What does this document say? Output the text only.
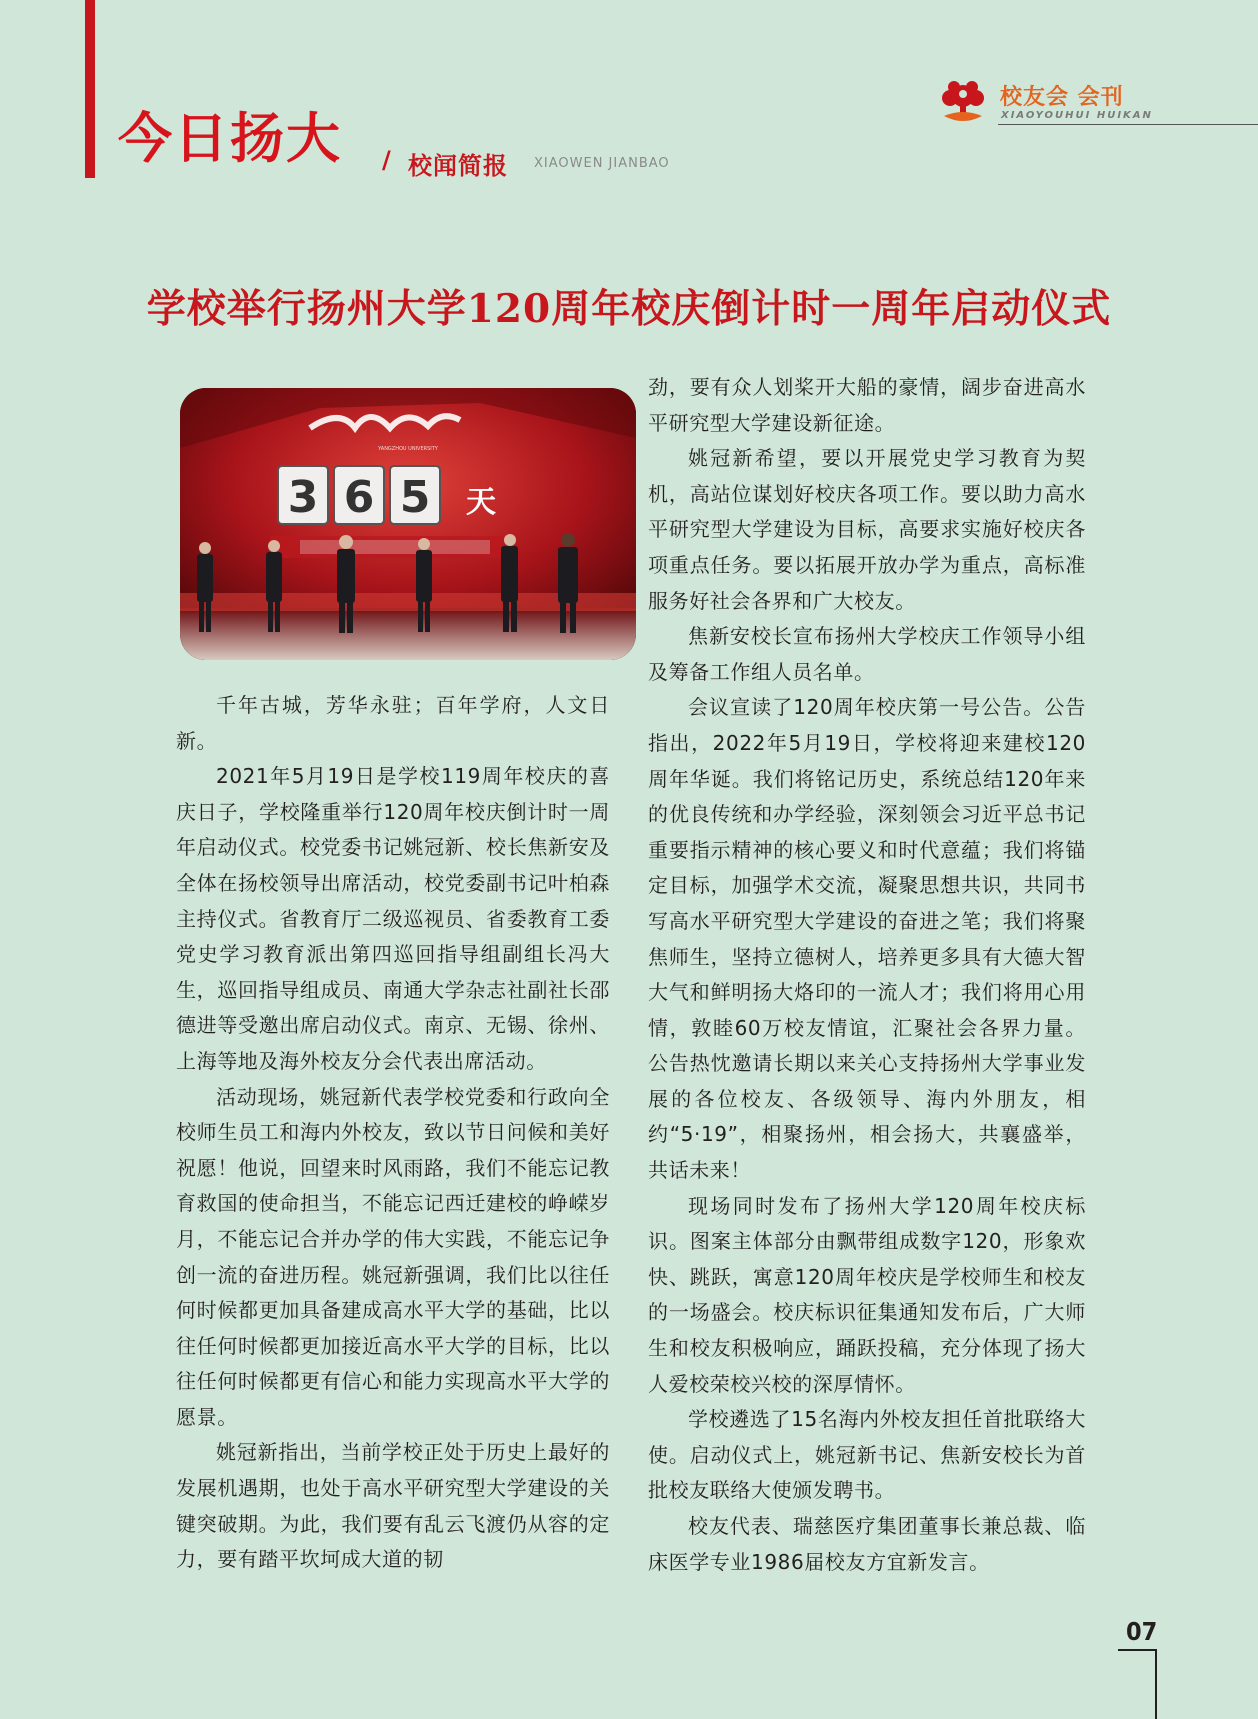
今日扬大 / 校闻简报 XIAOWEN JIANBAO
校友会 会刊
XIAOYOUHUI HUIKAN
学校举行扬州大学120周年校庆倒计时一周年启动仪式
YANGZHOU UNIVERSITY
3 6 5 天

千年古城，芳华永驻；百年学府，人文日新。

2021年5月19日是学校119周年校庆的喜庆日子，学校隆重举行120周年校庆倒计时一周年启动仪式。校党委书记姚冠新、校长焦新安及全体在扬校领导出席活动，校党委副书记叶柏森主持仪式。省教育厅二级巡视员、省委教育工委党史学习教育派出第四巡回指导组副组长冯大生，巡回指导组成员、南通大学杂志社副社长邵德进等受邀出席启动仪式。南京、无锡、徐州、上海等地及海外校友分会代表出席活动。

活动现场，姚冠新代表学校党委和行政向全校师生员工和海内外校友，致以节日问候和美好祝愿！他说，回望来时风雨路，我们不能忘记教育救国的使命担当，不能忘记西迁建校的峥嵘岁月，不能忘记合并办学的伟大实践，不能忘记争创一流的奋进历程。姚冠新强调，我们比以往任何时候都更加具备建成高水平大学的基础，比以往任何时候都更加接近高水平大学的目标，比以往任何时候都更有信心和能力实现高水平大学的愿景。

姚冠新指出，当前学校正处于历史上最好的发展机遇期，也处于高水平研究型大学建设的关键突破期。为此，我们要有乱云飞渡仍从容的定力，要有踏平坎坷成大道的韧

劲，要有众人划桨开大船的豪情，阔步奋进高水平研究型大学建设新征途。

姚冠新希望，要以开展党史学习教育为契机，高站位谋划好校庆各项工作。要以助力高水平研究型大学建设为目标，高要求实施好校庆各项重点任务。要以拓展开放办学为重点，高标准服务好社会各界和广大校友。

焦新安校长宣布扬州大学校庆工作领导小组及筹备工作组人员名单。

会议宣读了120周年校庆第一号公告。公告指出，2022年5月19日，学校将迎来建校120周年华诞。我们将铭记历史，系统总结120年来的优良传统和办学经验，深刻领会习近平总书记重要指示精神的核心要义和时代意蕴；我们将锚定目标，加强学术交流，凝聚思想共识，共同书写高水平研究型大学建设的奋进之笔；我们将聚焦师生，坚持立德树人，培养更多具有大德大智大气和鲜明扬大烙印的一流人才；我们将用心用情，敦睦60万校友情谊，汇聚社会各界力量。公告热忱邀请长期以来关心支持扬州大学事业发展的各位校友、各级领导、海内外朋友，相约“5·19”，相聚扬州，相会扬大，共襄盛举，共话未来！

现场同时发布了扬州大学120周年校庆标识。图案主体部分由飘带组成数字120，形象欢快、跳跃，寓意120周年校庆是学校师生和校友的一场盛会。校庆标识征集通知发布后，广大师生和校友积极响应，踊跃投稿，充分体现了扬大人爱校荣校兴校的深厚情怀。

学校遴选了15名海内外校友担任首批联络大使。启动仪式上，姚冠新书记、焦新安校长为首批校友联络大使颁发聘书。

校友代表、瑞慈医疗集团董事长兼总裁、临床医学专业1986届校友方宜新发言。

07
